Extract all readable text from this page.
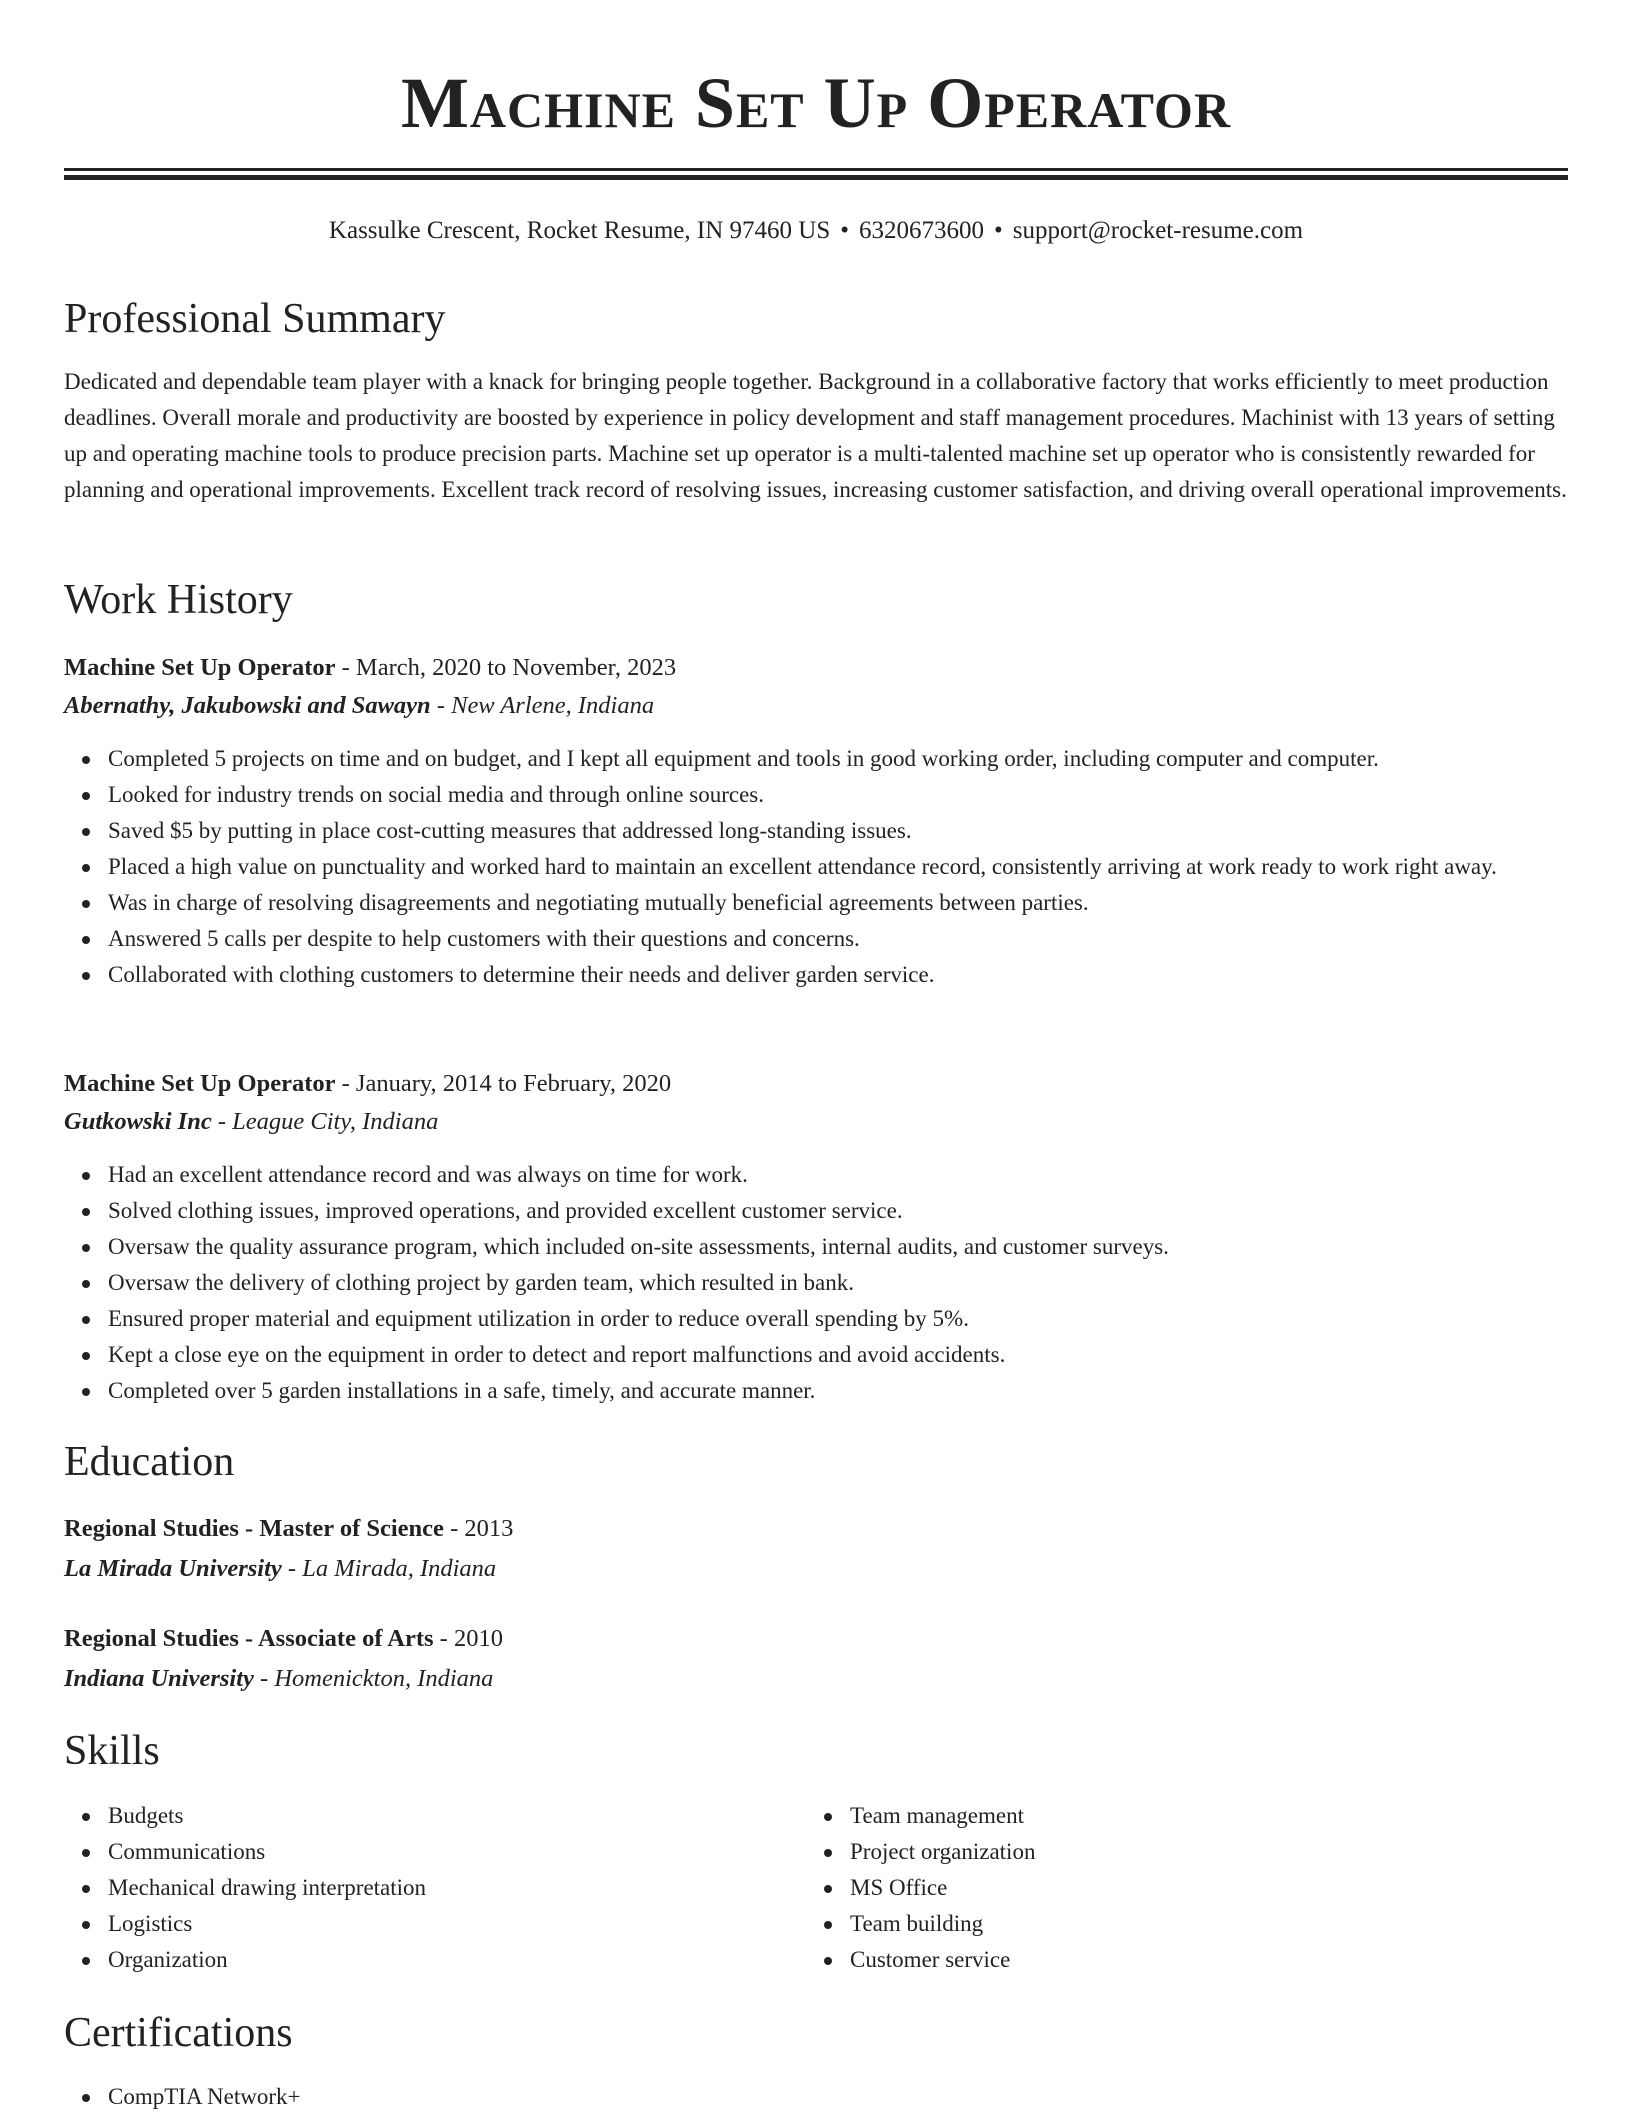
Machine Set Up Operator
Kassulke Crescent, Rocket Resume, IN 97460 US • 6320673600 • support@rocket-resume.com
Professional Summary

Dedicated and dependable team player with a knack for bringing people together. Background in a collaborative factory that works efficiently to meet production deadlines. Overall morale and productivity are boosted by experience in policy development and staff management procedures. Machinist with 13 years of setting up and operating machine tools to produce precision parts. Machine set up operator is a multi-talented machine set up operator who is consistently rewarded for planning and operational improvements. Excellent track record of resolving issues, increasing customer satisfaction, and driving overall operational improvements.

Work History
Machine Set Up Operator - March, 2020 to November, 2023
Abernathy, Jakubowski and Sawayn - New Arlene, Indiana
Completed 5 projects on time and on budget, and I kept all equipment and tools in good working order, including computer and computer.
Looked for industry trends on social media and through online sources.
Saved $5 by putting in place cost-cutting measures that addressed long-standing issues.
Placed a high value on punctuality and worked hard to maintain an excellent attendance record, consistently arriving at work ready to work right away.
Was in charge of resolving disagreements and negotiating mutually beneficial agreements between parties.
Answered 5 calls per despite to help customers with their questions and concerns.
Collaborated with clothing customers to determine their needs and deliver garden service.
Machine Set Up Operator - January, 2014 to February, 2020
Gutkowski Inc - League City, Indiana
Had an excellent attendance record and was always on time for work.
Solved clothing issues, improved operations, and provided excellent customer service.
Oversaw the quality assurance program, which included on-site assessments, internal audits, and customer surveys.
Oversaw the delivery of clothing project by garden team, which resulted in bank.
Ensured proper material and equipment utilization in order to reduce overall spending by 5%.
Kept a close eye on the equipment in order to detect and report malfunctions and avoid accidents.
Completed over 5 garden installations in a safe, timely, and accurate manner.
Education
Regional Studies - Master of Science - 2013
La Mirada University - La Mirada, Indiana
Regional Studies - Associate of Arts - 2010
Indiana University - Homenickton, Indiana
Skills
Budgets
Communications
Mechanical drawing interpretation
Logistics
Organization
Team management
Project organization
MS Office
Team building
Customer service
Certifications
CompTIA Network+
